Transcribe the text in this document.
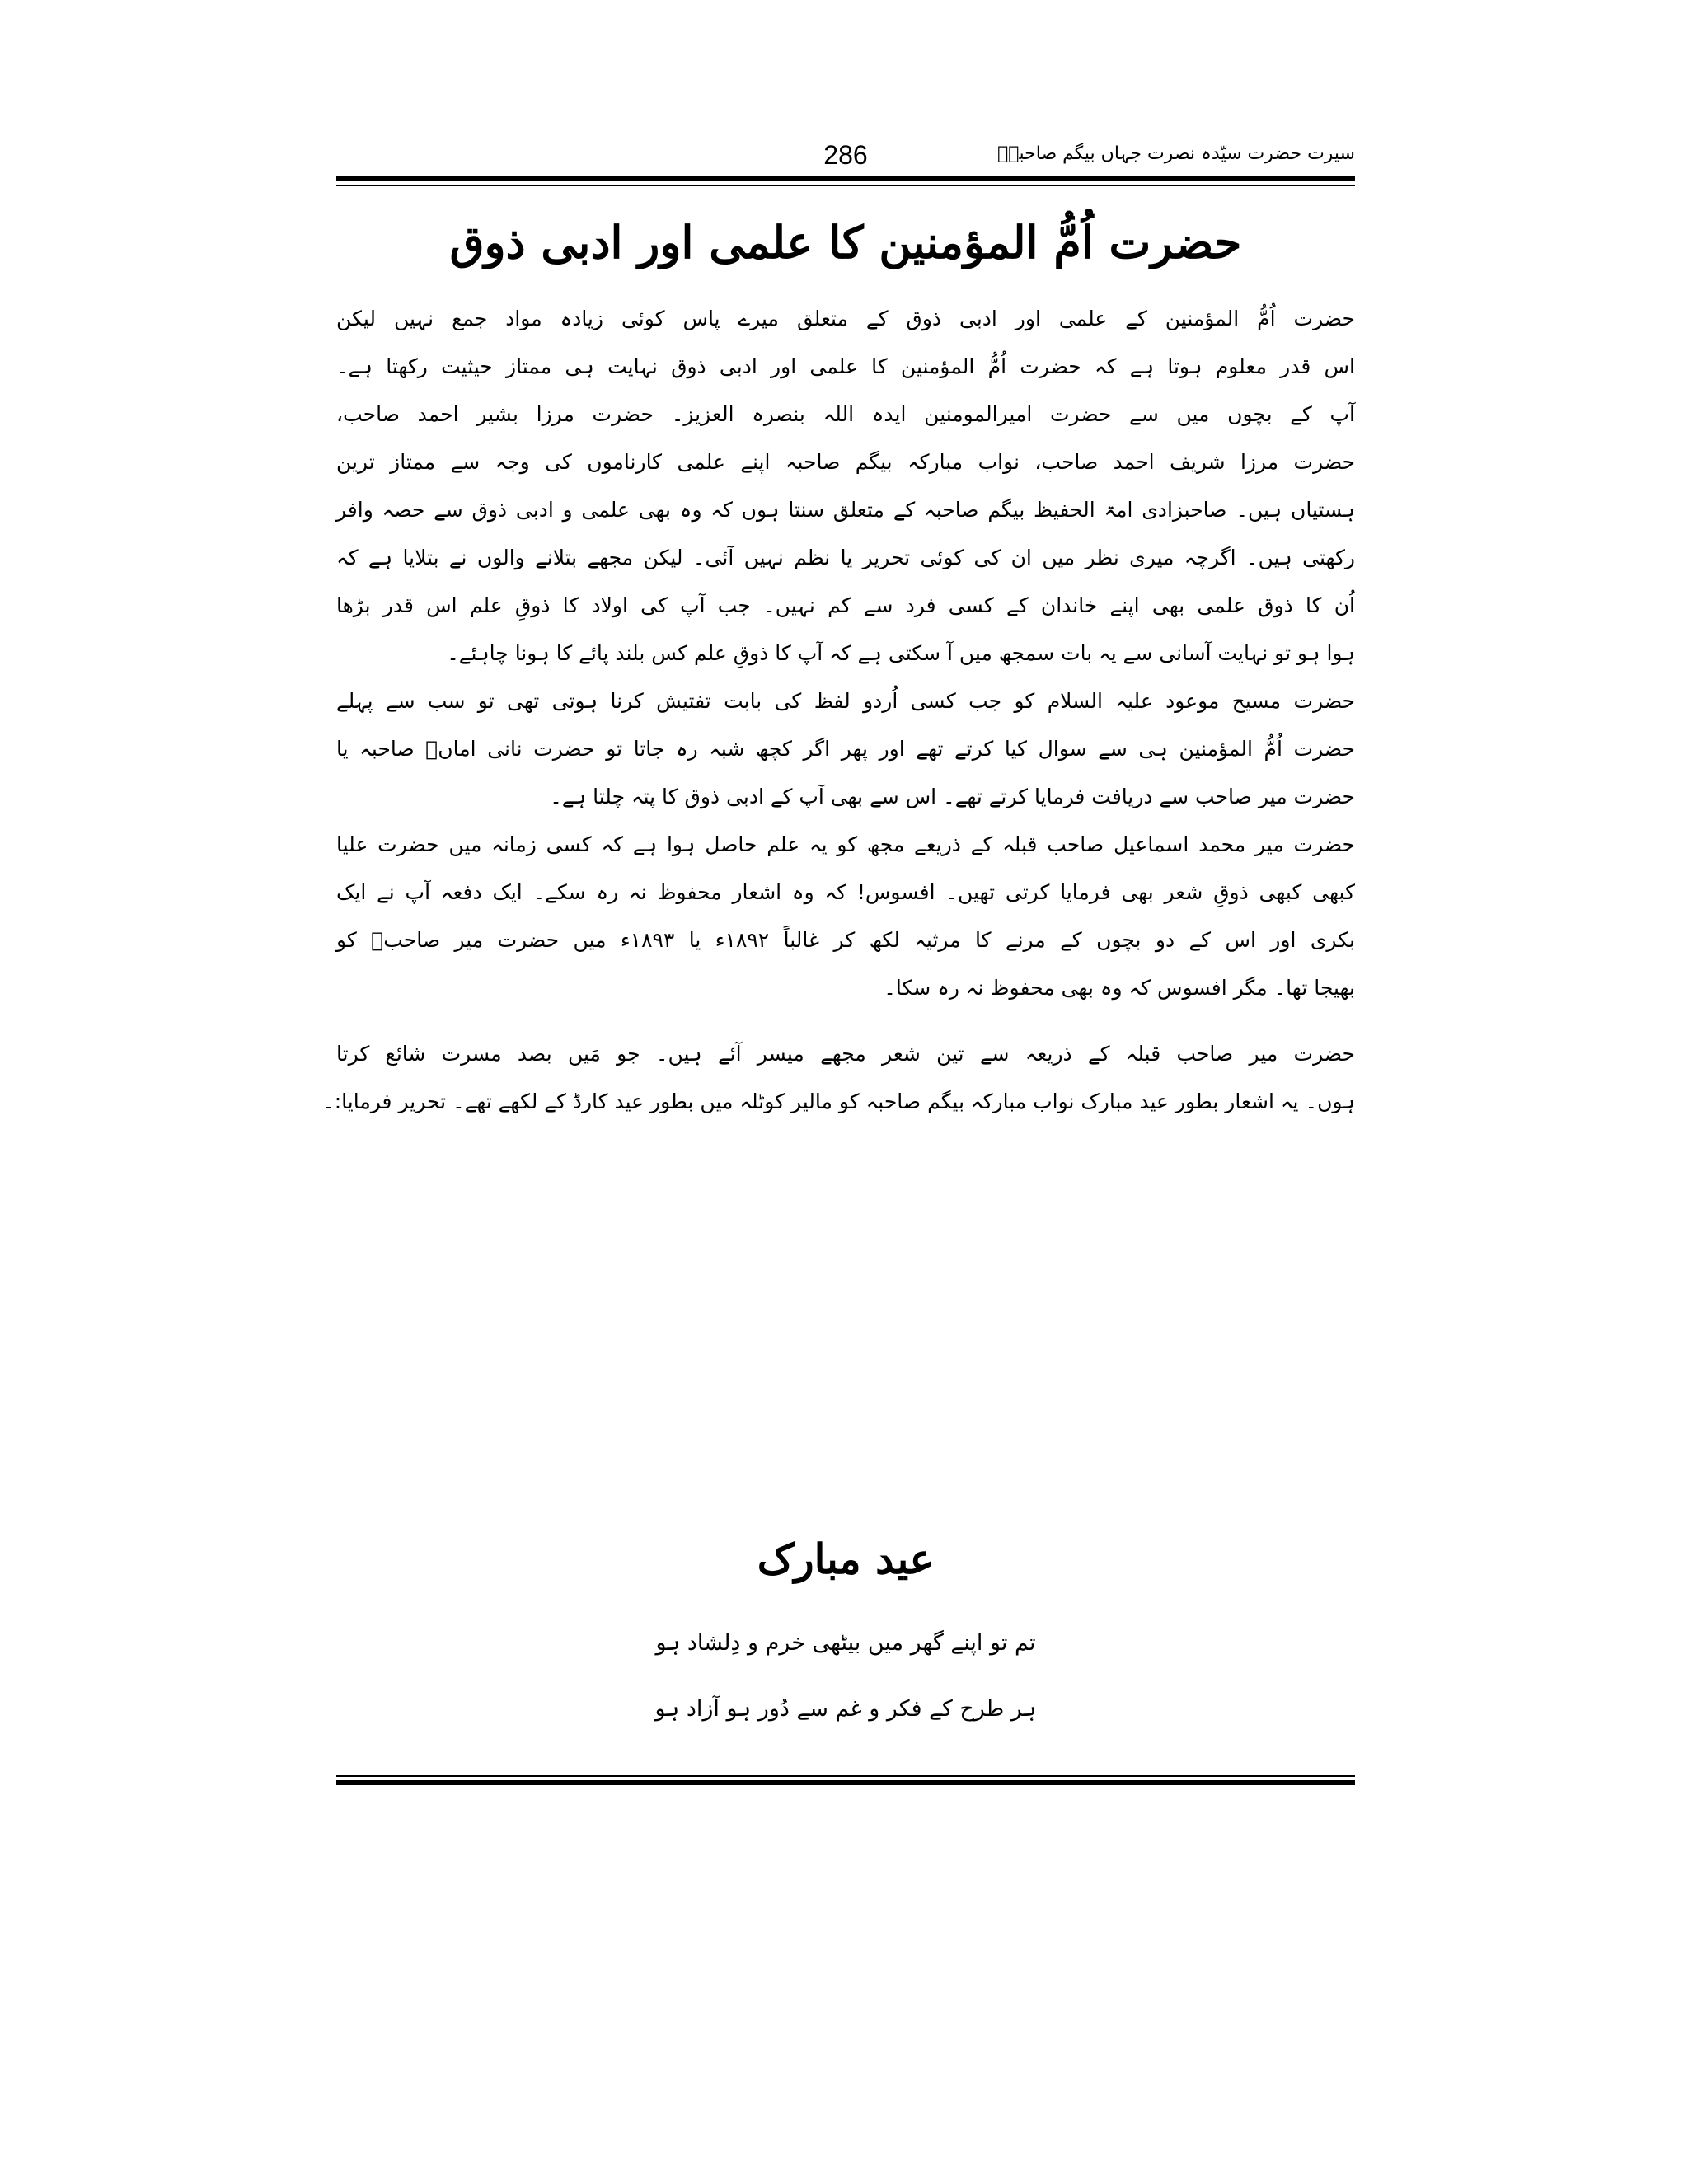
286	سیرت حضرت سیّدہ نصرت جہاں بیگم صاحبہؓ
حضرت اُمُّ المؤمنین کا علمی اور ادبی ذوق
حضرت اُمُّ المؤمنین کے علمی اور ادبی ذوق کے متعلق میرے پاس کوئی زیادہ مواد جمع نہیں لیکن
اس قدر معلوم ہوتا ہے کہ حضرت اُمُّ المؤمنین کا علمی اور ادبی ذوق نہایت ہی ممتاز حیثیت رکھتا ہے۔
آپ کے بچوں میں سے حضرت امیرالمومنین ایدہ اللہ بنصرہ العزیز۔ حضرت مرزا بشیر احمد صاحب،
حضرت مرزا شریف احمد صاحب، نواب مبارکہ بیگم صاحبہ اپنے علمی کارناموں کی وجہ سے ممتاز ترین
ہستیاں ہیں۔ صاحبزادی امۃ الحفیظ بیگم صاحبہ کے متعلق سنتا ہوں کہ وہ بھی علمی و ادبی ذوق سے حصہ وافر
رکھتی ہیں۔ اگرچہ میری نظر میں ان کی کوئی تحریر یا نظم نہیں آئی۔ لیکن مجھے بتلانے والوں نے بتلایا ہے کہ
اُن کا ذوق علمی بھی اپنے خاندان کے کسی فرد سے کم نہیں۔ جب آپ کی اولاد کا ذوقِ علم اس قدر بڑھا
ہوا ہو تو نہایت آسانی سے یہ بات سمجھ میں آ سکتی ہے کہ آپ کا ذوقِ علم کس بلند پائے کا ہونا چاہئے۔
حضرت مسیح موعود علیہ السلام کو جب کسی اُردو لفظ کی بابت تفتیش کرنا ہوتی تھی تو سب سے پہلے
حضرت اُمُّ المؤمنین ہی سے سوال کیا کرتے تھے اور پھر اگر کچھ شبہ رہ جاتا تو حضرت نانی اماںؓ صاحبہ یا
حضرت میر صاحب سے دریافت فرمایا کرتے تھے۔ اس سے بھی آپ کے ادبی ذوق کا پتہ چلتا ہے۔
حضرت میر محمد اسماعیل صاحب قبلہ کے ذریعے مجھ کو یہ علم حاصل ہوا ہے کہ کسی زمانہ میں حضرت علیا
کبھی کبھی ذوقِ شعر بھی فرمایا کرتی تھیں۔ افسوس! کہ وہ اشعار محفوظ نہ رہ سکے۔ ایک دفعہ آپ نے ایک
بکری اور اس کے دو بچوں کے مرنے کا مرثیہ لکھ کر غالباً ۱۸۹۲ء یا ۱۸۹۳ء میں حضرت میر صاحبؓ کو
بھیجا تھا۔ مگر افسوس کہ وہ بھی محفوظ نہ رہ سکا۔
حضرت میر صاحب قبلہ کے ذریعہ سے تین شعر مجھے میسر آئے ہیں۔ جو مَیں بصد مسرت شائع کرتا
ہوں۔ یہ اشعار بطور عید مبارک نواب مبارکہ بیگم صاحبہ کو مالیر کوٹلہ میں بطور عید کارڈ کے لکھے تھے۔ تحریر فرمایا:۔
عید مبارک
تم تو اپنے گھر میں بیٹھی خرم و دِلشاد ہو
ہر طرح کے فکر و غم سے دُور ہو آزاد ہو
